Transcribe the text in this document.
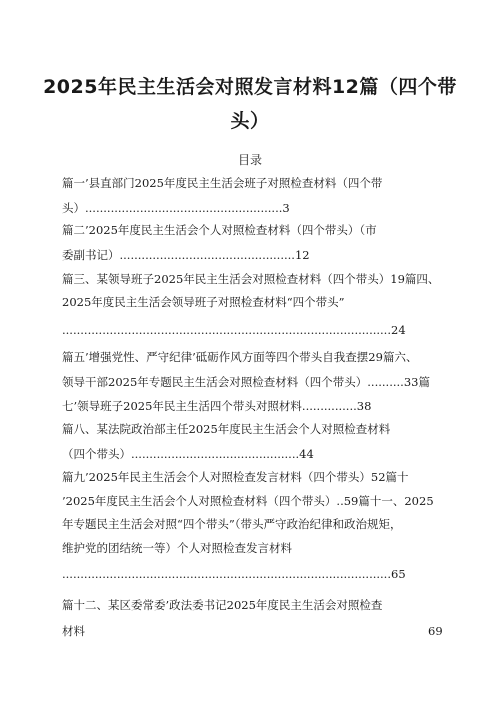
2025年民主生活会对照发言材料12篇（四个带
头）
目录
篇一’县直部门2025年度民主生活会班子对照检查材料（四个带
头）......................................................3
篇二’2025年度民主生活会个人对照检查材料（四个带头）（市
委副书记）................................................12
篇三、某领导班子2025年民主生活会对照检查材料（四个带头）19篇四、
2025年度民主生活会领导班子对照检查材料“四个带头”
..........................................................................................24
篇五’增强党性、严守纪律’砥砺作风方面等四个带头自我查摆29篇六、
领导干部2025年专题民主生活会对照检查材料（四个带头）..........33篇
七’领导班子2025年民主生活四个带头对照材料...............38
篇八、某法院政治部主任2025年度民主生活会个人对照检查材料
（四个带头）..............................................44
篇九’2025年民主生活会个人对照检查发言材料（四个带头）52篇十
’2025年度民主生活会个人对照检查材料（四个带头）..59篇十一、2025
年专题民主生活会对照“四个带头”（带头严守政治纪律和政治规矩，
维护党的团结统一等）个人对照检查发言材料
..........................................................................................65
篇十二、某区委常委’政法委书记2025年度民主生活会对照检查
材料	69
